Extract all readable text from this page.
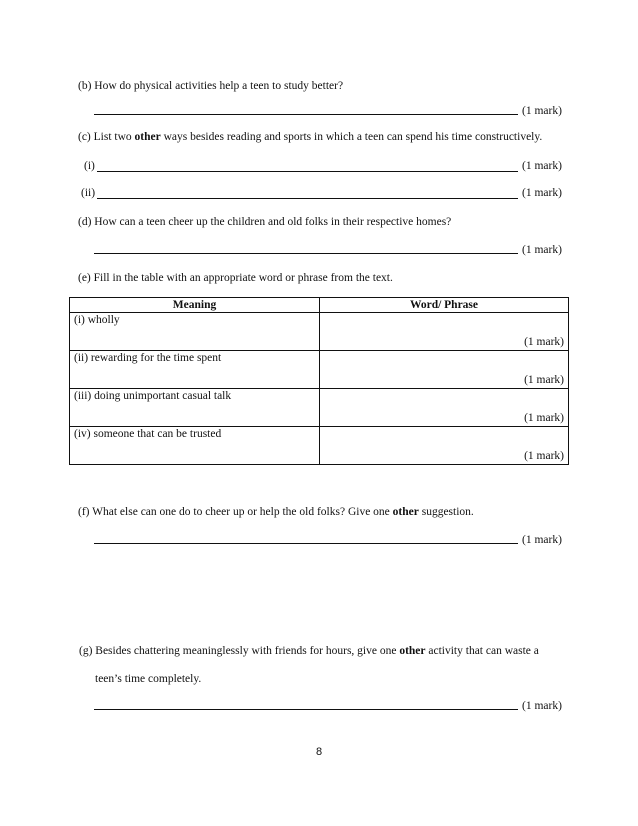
(b) How do physical activities help a teen to study better?
(1 mark)
(c) List two other ways besides reading and sports in which a teen can spend his time constructively.
(i)	(1 mark)
(ii)	(1 mark)
(d) How can a teen cheer up the children and old folks in their respective homes?
(1 mark)
(e) Fill in the table with an appropriate word or phrase from the text.
Meaning	Word/ Phrase
(i) wholly	(1 mark)

(ii) rewarding for the time spent	(1 mark)

(iii) doing unimportant casual talk	(1 mark)

(iv) someone that can be trusted	(1 mark)
(f) What else can one do to cheer up or help the old folks? Give one other suggestion.
(1 mark)
(g) Besides chattering meaninglessly with friends for hours, give one other activity that can waste a
teen’s time completely.
(1 mark)
8
